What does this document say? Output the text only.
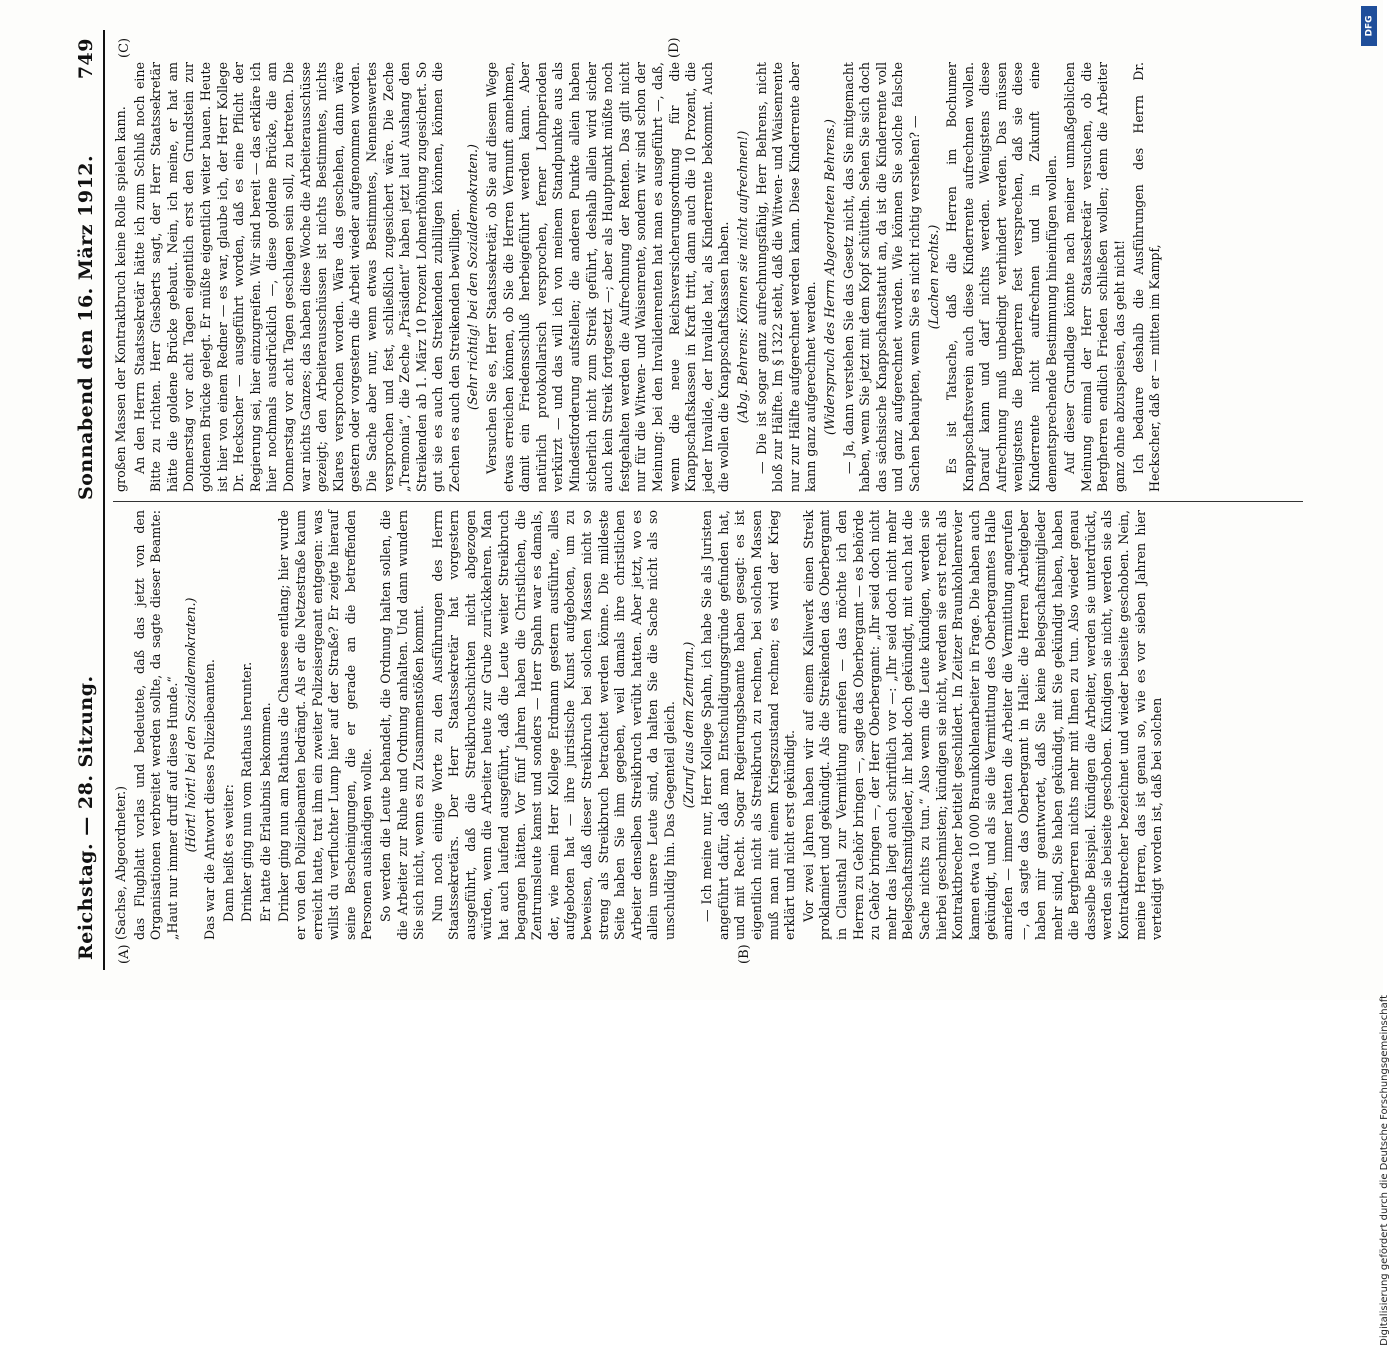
Reichstag. — 28. Sitzung.
Sonnabend den 16. März 1912.
749
(A)	(B)
(C)	(D)

(Sachse, Abgeordneter.) das Flugblatt vorlas und bedeutete, daß das jetzt von den Organisationen verbreitet werden sollte, da sagte dieser Beamte: „Haut nur immer druff auf diese Hunde.“ (Hört! hört! bei den Sozialdemokraten.) Das war die Antwort dieses Polizeibeamten. Dann heißt es weiter: Drinker ging nun vom Rathaus herunter. Er hatte die Erlaubnis bekommen. Drinker ging nun am Rathaus die Chaussee entlang; hier wurde er von den Polizeibeamten bedrängt. Als er die Netzestraße kaum erreicht hatte, trat ihm ein zweiter Polizeisergeant entgegen: was willst du verfluchter Lump hier auf der Straße? Er zeigte hierauf seine Bescheinigungen, die er gerade an die betreffenden Personen aushändigen wollte. So werden die Leute behandelt, die Ordnung halten sollen, die die Arbeiter zur Ruhe und Ordnung anhalten. Und dann wundern Sie sich nicht, wenn es zu Zusammenstößen kommt. Nun noch einige Worte zu den Ausführungen des Herrn Staatssekretärs. Der Herr Staatssekretär hat vorgestern ausgeführt, daß die Streikbruchschichten nicht abgezogen würden, wenn die Arbeiter heute zur Grube zurückkehren. Man hat auch laufend ausgeführt, daß die Leute weiter Streikbruch begangen hätten. Vor fünf Jahren haben die Christlichen, die Zentrumsleute kamst und sonders — Herr Spahn war es damals, der, wie mein Herr Kollege Erdmann gestern ausführte, alles aufgeboten hat — ihre juristische Kunst aufgeboten, um zu beweisen, daß dieser Streikbruch bei solchen Massen nicht so streng als Streikbruch betrachtet werden könne. Die mildeste Seite haben Sie ihm gegeben, weil damals ihre christlichen Arbeiter denselben Streikbruch verübt hatten. Aber jetzt, wo es allein unsere Leute sind, da halten Sie die Sache nicht als so unschuldig hin. Das Gegenteil gleich. (Zuruf aus dem Zentrum.) — Ich meine nur, Herr Kollege Spahn, ich habe Sie als Juristen angeführt dafür, daß man Entschuldigungsgründe gefunden hat, und mit Recht. Sogar Regierungsbeamte haben gesagt: es ist eigentlich nicht als Streikbruch zu rechnen, bei solchen Massen muß man mit einem Kriegszustand rechnen; es wird der Krieg erklärt und nicht erst gekündigt. Vor zwei Jahren haben wir auf einem Kaliwerk einen Streik proklamiert und gekündigt. Als die Streikenden das Oberbergamt in Clausthal zur Vermittlung anriefen — das möchte ich den Herren zu Gehör bringen —, sagte das Oberbergamt — es behörde zu Gehör bringen —, der Herr Oberbergamt: „Ihr seid doch nicht mehr das liegt auch schriftlich vor —: „Ihr seid doch nicht mehr Belegschaftsmitglieder, ihr habt doch gekündigt, mit euch hat die Sache nichts zu tun.“ Also wenn die Leute kündigen, werden sie hierbei geschmisten; kündigen sie nicht, werden sie erst recht als Kontraktbrecher betitelt geschildert. In Zeitzer Braunkohlenrevier kamen etwa 10 000 Braunkohlenarbeiter in Frage. Die haben auch gekündigt, und als sie die Vermittlung des Oberbergamtes Halle anriefen — immer hatten die Arbeiter die Vermittlung angerufen —, da sagte das Oberbergamt in Halle: die Herren Arbeitgeber haben mir geantwortet, daß Sie keine Belegschaftsmitglieder mehr sind, Sie haben gekündigt, mit Sie gekündigt haben, haben die Bergherren nichts mehr mit Ihnen zu tun. Also wieder genau dasselbe Beispiel. Kündigen die Arbeiter, werden sie unterdrückt, werden sie beiseite geschoben. Kündigen sie nicht, werden sie als Kontraktbrecher bezeichnet und wieder beiseite geschoben. Nein, meine Herren, das ist genau so, wie es vor sieben Jahren hier verteidigt worden ist, daß bei solchen

großen Massen der Kontraktbruch keine Rolle spielen kann. An den Herrn Staatssekretär hätte ich zum Schluß noch eine Bitte zu richten. Herr Giesberts sagt, der Herr Staatssekretär hätte die goldene Brücke gebaut. Nein, ich meine, er hat am Donnerstag vor acht Tagen eigentlich erst den Grundstein zur goldenen Brücke gelegt. Er müßte eigentlich weiter bauen. Heute ist hier von einem Redner — es war, glaube ich, der Herr Kollege Dr. Heckscher — ausgeführt worden, daß es eine Pflicht der Regierung sei, hier einzugreifen. Wir sind bereit — das erkläre ich hier nochmals ausdrücklich —, diese goldene Brücke, die am Donnerstag vor acht Tagen geschlagen sein soll, zu betreten. Die war nichts Ganzes; das haben diese Woche die Arbeiterausschüsse gezeigt; den Arbeiterausschüssen ist nichts Bestimmtes, nichts Klares versprochen worden. Wäre das geschehen, dann wäre gestern oder vorgestern die Arbeit wieder aufgenommen worden. Die Sache aber nur, wenn etwas Bestimmtes, Nennenswertes versprochen und fest, schließlich zugesichert wäre. Die Zeche „Tremonia“, die Zeche „Präsident“ haben jetzt laut Aushang den Streikenden ab 1. März 10 Prozent Lohnerhöhung zugesichert. So gut sie es auch den Streikenden zubilligen können, können die Zechen es auch den Streikenden bewilligen. (Sehr richtig! bei den Sozialdemokraten.) Versuchen Sie es, Herr Staatssekretär, ob Sie auf diesem Wege etwas erreichen können, ob Sie die Herren Vernunft annehmen, damit ein Friedensschluß herbeigeführt werden kann. Aber natürlich protokollarisch versprochen, ferner Lohnperioden verkürzt — und das will ich von meinem Standpunkte aus als Mindestforderung aufstellen; die anderen Punkte allein haben sicherlich nicht zum Streik geführt, deshalb allein wird sicher auch kein Streik fortgesetzt —; aber als Hauptpunkt müßte noch festgehalten werden die Aufrechnung der Renten. Das gilt nicht nur für die Witwen- und Waisenrente, sondern wir sind schon der Meinung: bei den Invalidenrenten hat man es ausgeführt —, daß, wenn die neue Reichsversicherungsordnung für die Knappschaftskassen in Kraft tritt, dann auch die 10 Prozent, die jeder Invalide, der Invalide hat, als Kinderrente bekommt. Auch die wollen die Knappschaftskassen haben. (Abg. Behrens: Können sie nicht aufrechnen!) — Die ist sogar ganz aufrechnungsfähig, Herr Behrens, nicht bloß zur Hälfte. Im § 1322 steht, daß die Witwen- und Waisenrente nur zur Hälfte aufgerechnet werden kann. Diese Kinderrente aber kann ganz aufgerechnet werden. (Widerspruch des Herrn Abgeordneten Behrens.) — Ja, dann verstehen Sie das Gesetz nicht, das Sie mitgemacht haben, wenn Sie jetzt mit dem Kopf schütteln. Sehen Sie sich doch das sächsische Knappschaftsstatut an, da ist die Kinderrente voll und ganz aufgerechnet worden. Wie können Sie solche falsche Sachen behaupten, wenn Sie es nicht richtig verstehen? — (Lachen rechts.) Es ist Tatsache, daß die Herren im Bochumer Knappschaftsverein auch diese Kinderrente aufrechnen wollen. Darauf kann und darf nichts werden. Wenigstens diese Aufrechnung muß unbedingt verhindert werden. Das müssen wenigstens die Bergherren fest versprechen, daß sie diese Kinderrente nicht aufrechnen und in Zukunft eine dementsprechende Bestimmung hineinfügen wollen. Auf dieser Grundlage könnte nach meiner unmaßgeblichen Meinung einmal der Herr Staatssekretär versuchen, ob die Bergherren endlich Frieden schließen wollen; denn die Arbeiter ganz ohne abzuspeisen, das geht nicht! Ich bedaure deshalb die Ausführungen des Herrn Dr. Heckscher, daß er — mitten im Kampf,

DFG
Digitalisierung gefördert durch die Deutsche Forschungsgemeinschaft
